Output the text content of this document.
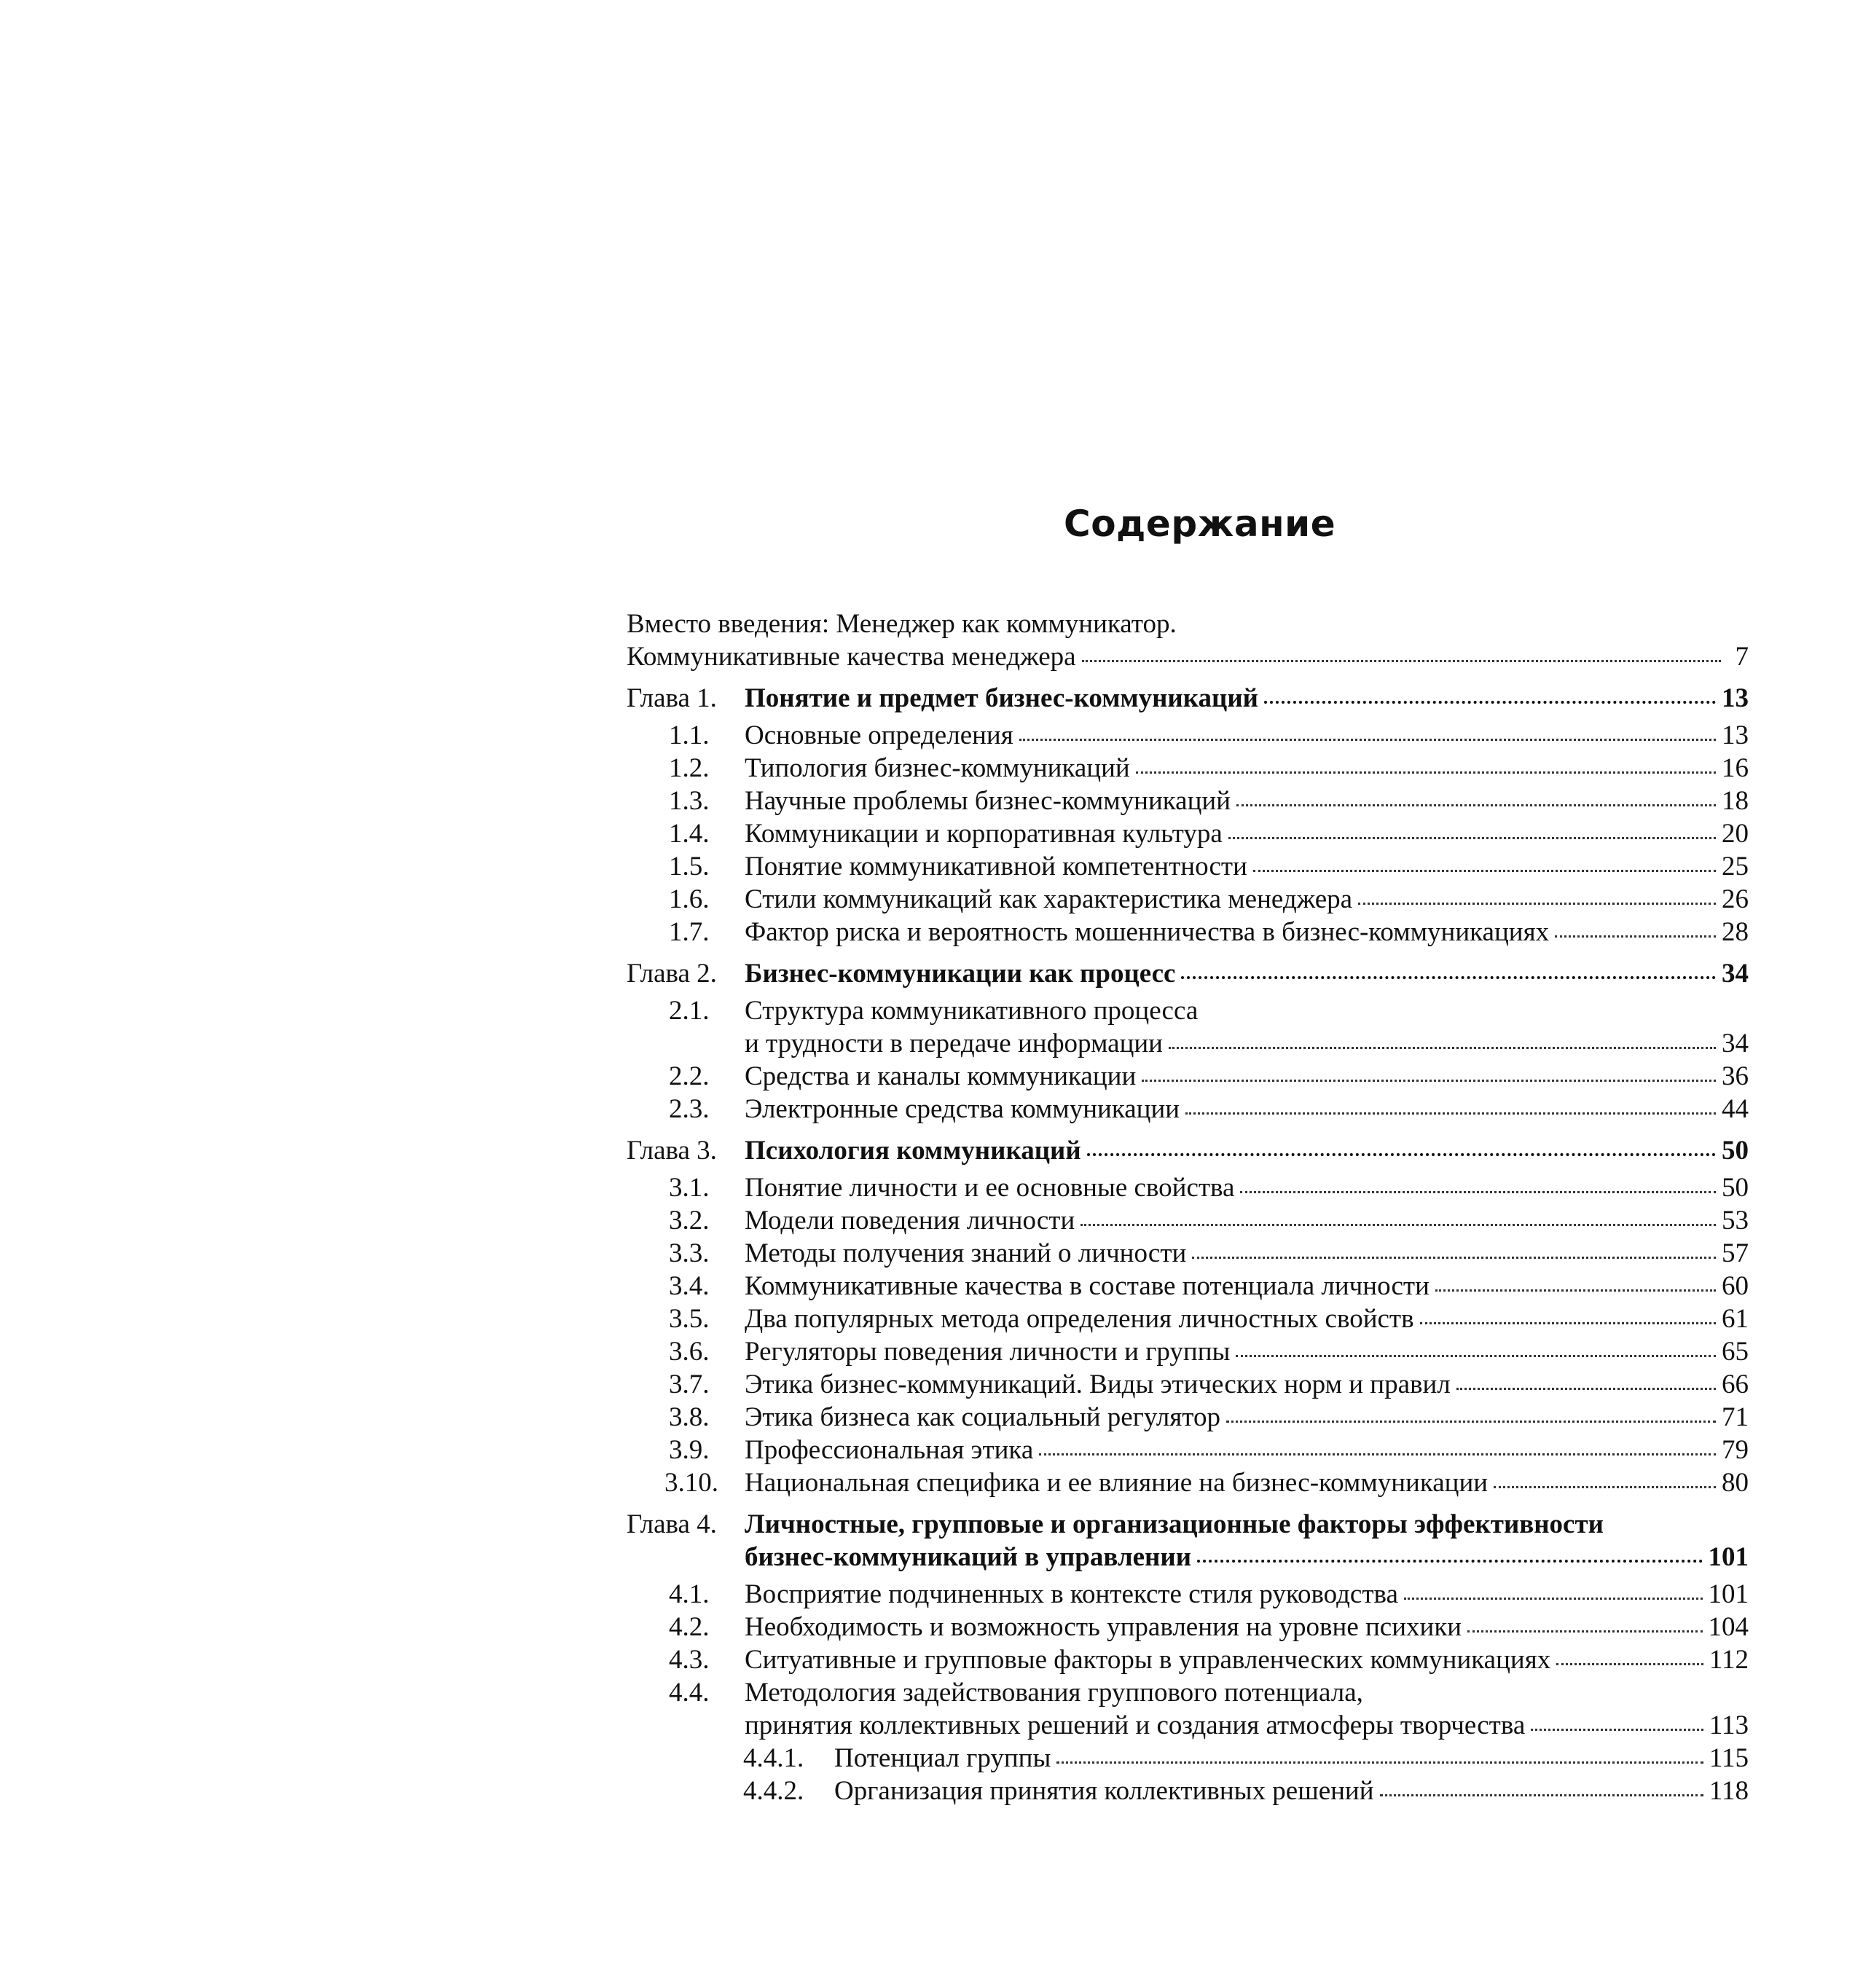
Содержание
Вместо введения: Менеджер как коммуникатор.
Коммуникативные качества менеджера	7
Глава 1.	Понятие и предмет бизнес-коммуникаций	13
1.1.	Основные определения	13
1.2.	Типология бизнес-коммуникаций	16
1.3.	Научные проблемы бизнес-коммуникаций	18
1.4.	Коммуникации и корпоративная культура	20
1.5.	Понятие коммуникативной компетентности	25
1.6.	Стили коммуникаций как характеристика менеджера	26
1.7.	Фактор риска и вероятность мошенничества в бизнес-коммуникациях	28
Глава 2.	Бизнес-коммуникации как процесс	34
2.1.	Структура коммуникативного процесса
и трудности в передаче информации	34
2.2.	Средства и каналы коммуникации	36
2.3.	Электронные средства коммуникации	44
Глава 3.	Психология коммуникаций	50
3.1.	Понятие личности и ее основные свойства	50
3.2.	Модели поведения личности	53
3.3.	Методы получения знаний о личности	57
3.4.	Коммуникативные качества в составе потенциала личности	60
3.5.	Два популярных метода определения личностных свойств	61
3.6.	Регуляторы поведения личности и группы	65
3.7.	Этика бизнес-коммуникаций. Виды этических норм и правил	66
3.8.	Этика бизнеса как социальный регулятор	71
3.9.	Профессиональная этика	79
3.10. Национальная специфика и ее влияние на бизнес-коммуникации	80
Глава 4.	Личностные, групповые и организационные факторы эффективности
бизнес-коммуникаций в управлении	101
4.1.	Восприятие подчиненных в контексте стиля руководства	101
4.2.	Необходимость и возможность управления на уровне психики	104
4.3.	Ситуативные и групповые факторы в управленческих коммуникациях	112
4.4.	Методология задействования группового потенциала,
принятия коллективных решений и создания атмосферы творчества	113
4.4.1.	Потенциал группы	115
4.4.2.	Организация принятия коллективных решений	118
